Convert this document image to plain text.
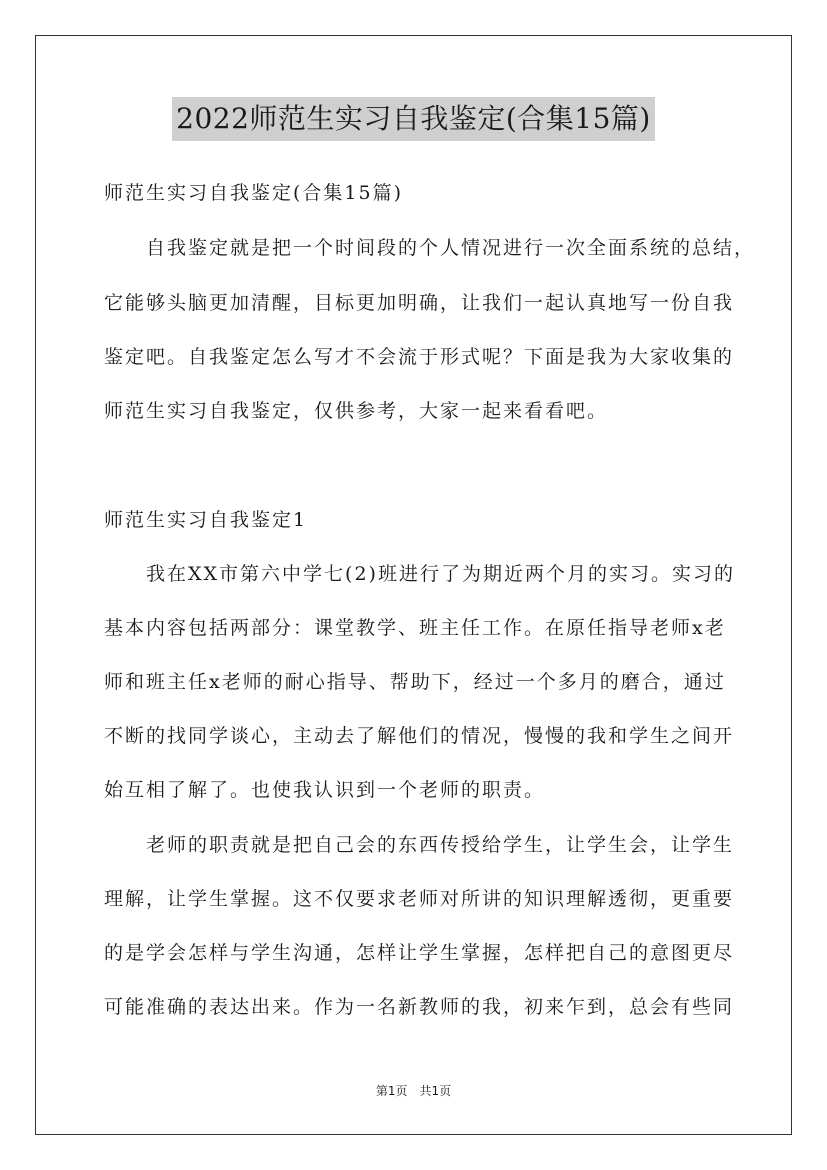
2022师范生实习自我鉴定(合集15篇)
师范生实习自我鉴定(合集15篇)
　　自我鉴定就是把一个时间段的个人情况进行一次全面系统的总结，
它能够头脑更加清醒，目标更加明确，让我们一起认真地写一份自我
鉴定吧。自我鉴定怎么写才不会流于形式呢？下面是我为大家收集的
师范生实习自我鉴定，仅供参考，大家一起来看看吧。
师范生实习自我鉴定1
　　我在XX市第六中学七(2)班进行了为期近两个月的实习。实习的
基本内容包括两部分：课堂教学、班主任工作。在原任指导老师x老
师和班主任x老师的耐心指导、帮助下，经过一个多月的磨合，通过
不断的找同学谈心，主动去了解他们的情况，慢慢的我和学生之间开
始互相了解了。也使我认识到一个老师的职责。
　　老师的职责就是把自己会的东西传授给学生，让学生会，让学生
理解，让学生掌握。这不仅要求老师对所讲的知识理解透彻，更重要
的是学会怎样与学生沟通，怎样让学生掌握，怎样把自己的意图更尽
可能准确的表达出来。作为一名新教师的我，初来乍到，总会有些同
第1页　共1页
